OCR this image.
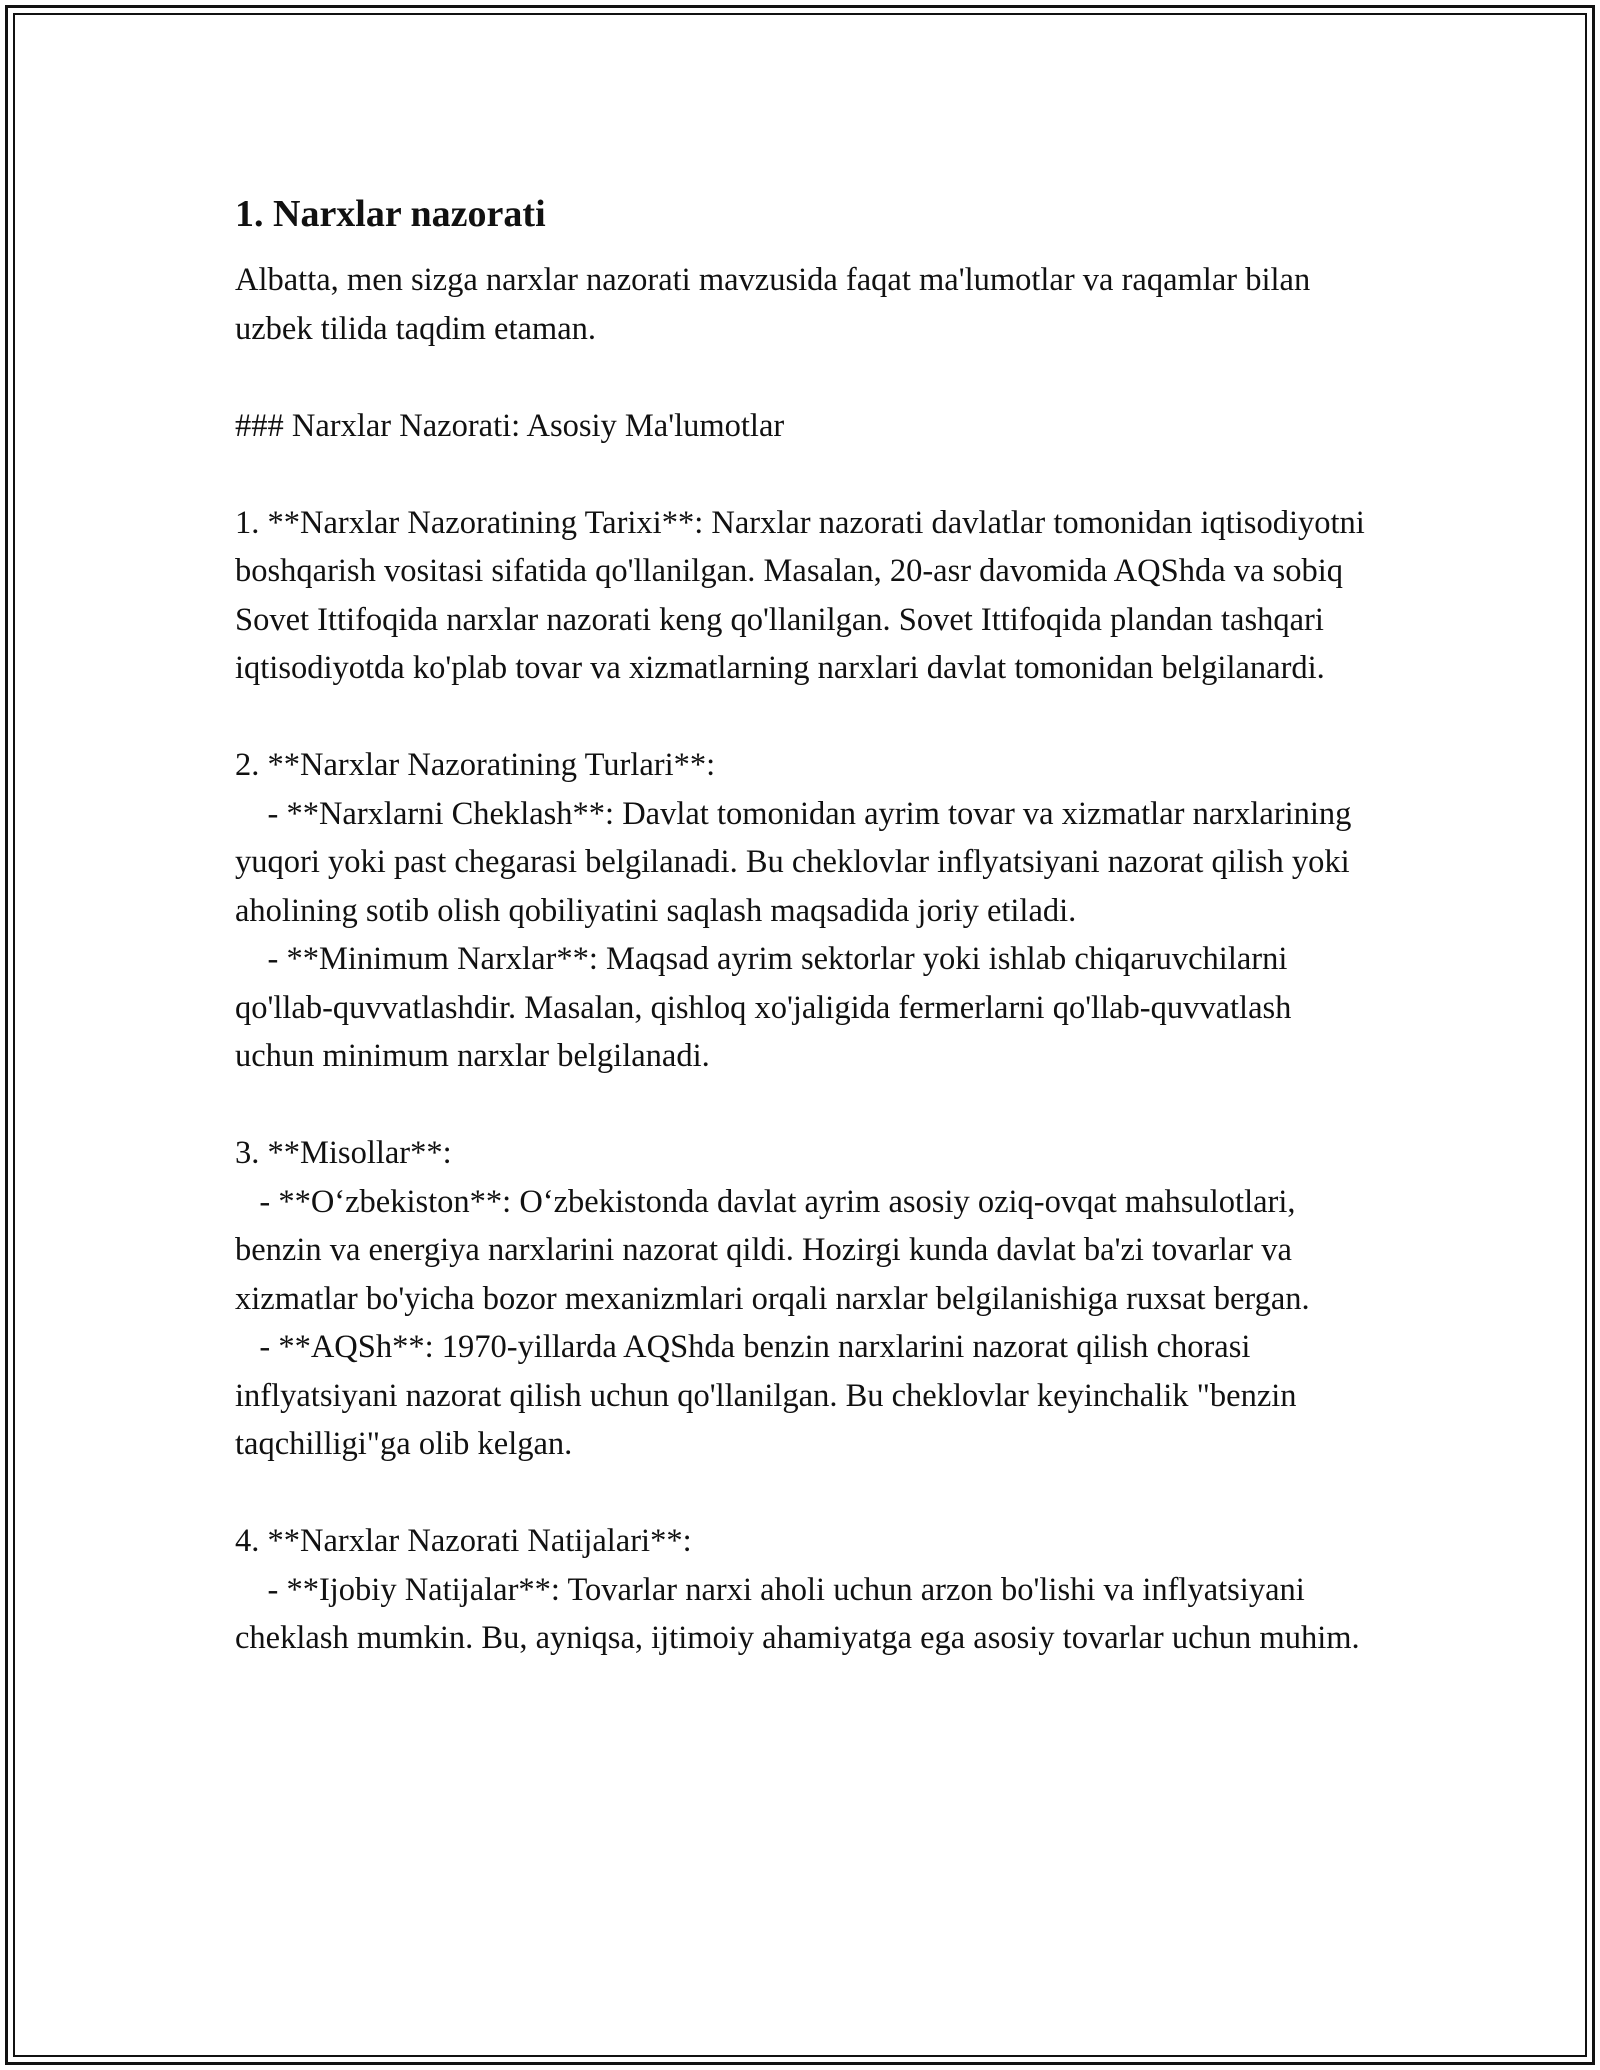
1. Narxlar nazorati

Albatta, men sizga narxlar nazorati mavzusida faqat ma'lumotlar va raqamlar bilan uzbek tilida taqdim etaman.

### Narxlar Nazorati: Asosiy Ma'lumotlar

1. **Narxlar Nazoratining Tarixi**: Narxlar nazorati davlatlar tomonidan iqtisodiyotni boshqarish vositasi sifatida qo'llanilgan. Masalan, 20-asr davomida AQShda va sobiq Sovet Ittifoqida narxlar nazorati keng qo'llanilgan. Sovet Ittifoqida plandan tashqari iqtisodiyotda ko'plab tovar va xizmatlarning narxlari davlat tomonidan belgilanardi.

2. **Narxlar Nazoratining Turlari**:

- **Narxlarni Cheklash**: Davlat tomonidan ayrim tovar va xizmatlar narxlarining yuqori yoki past chegarasi belgilanadi. Bu cheklovlar inflyatsiyani nazorat qilish yoki aholining sotib olish qobiliyatini saqlash maqsadida joriy etiladi.

- **Minimum Narxlar**: Maqsad ayrim sektorlar yoki ishlab chiqaruvchilarni qo'llab-quvvatlashdir. Masalan, qishloq xo'jaligida fermerlarni qo'llab-quvvatlash uchun minimum narxlar belgilanadi.

3. **Misollar**:

- **O‘zbekiston**: O‘zbekistonda davlat ayrim asosiy oziq-ovqat mahsulotlari, benzin va energiya narxlarini nazorat qildi. Hozirgi kunda davlat ba'zi tovarlar va xizmatlar bo'yicha bozor mexanizmlari orqali narxlar belgilanishiga ruxsat bergan.

- **AQSh**: 1970-yillarda AQShda benzin narxlarini nazorat qilish chorasi inflyatsiyani nazorat qilish uchun qo'llanilgan. Bu cheklovlar keyinchalik "benzin taqchilligi"ga olib kelgan.

4. **Narxlar Nazorati Natijalari**:

- **Ijobiy Natijalar**: Tovarlar narxi aholi uchun arzon bo'lishi va inflyatsiyani cheklash mumkin. Bu, ayniqsa, ijtimoiy ahamiyatga ega asosiy tovarlar uchun muhim.
